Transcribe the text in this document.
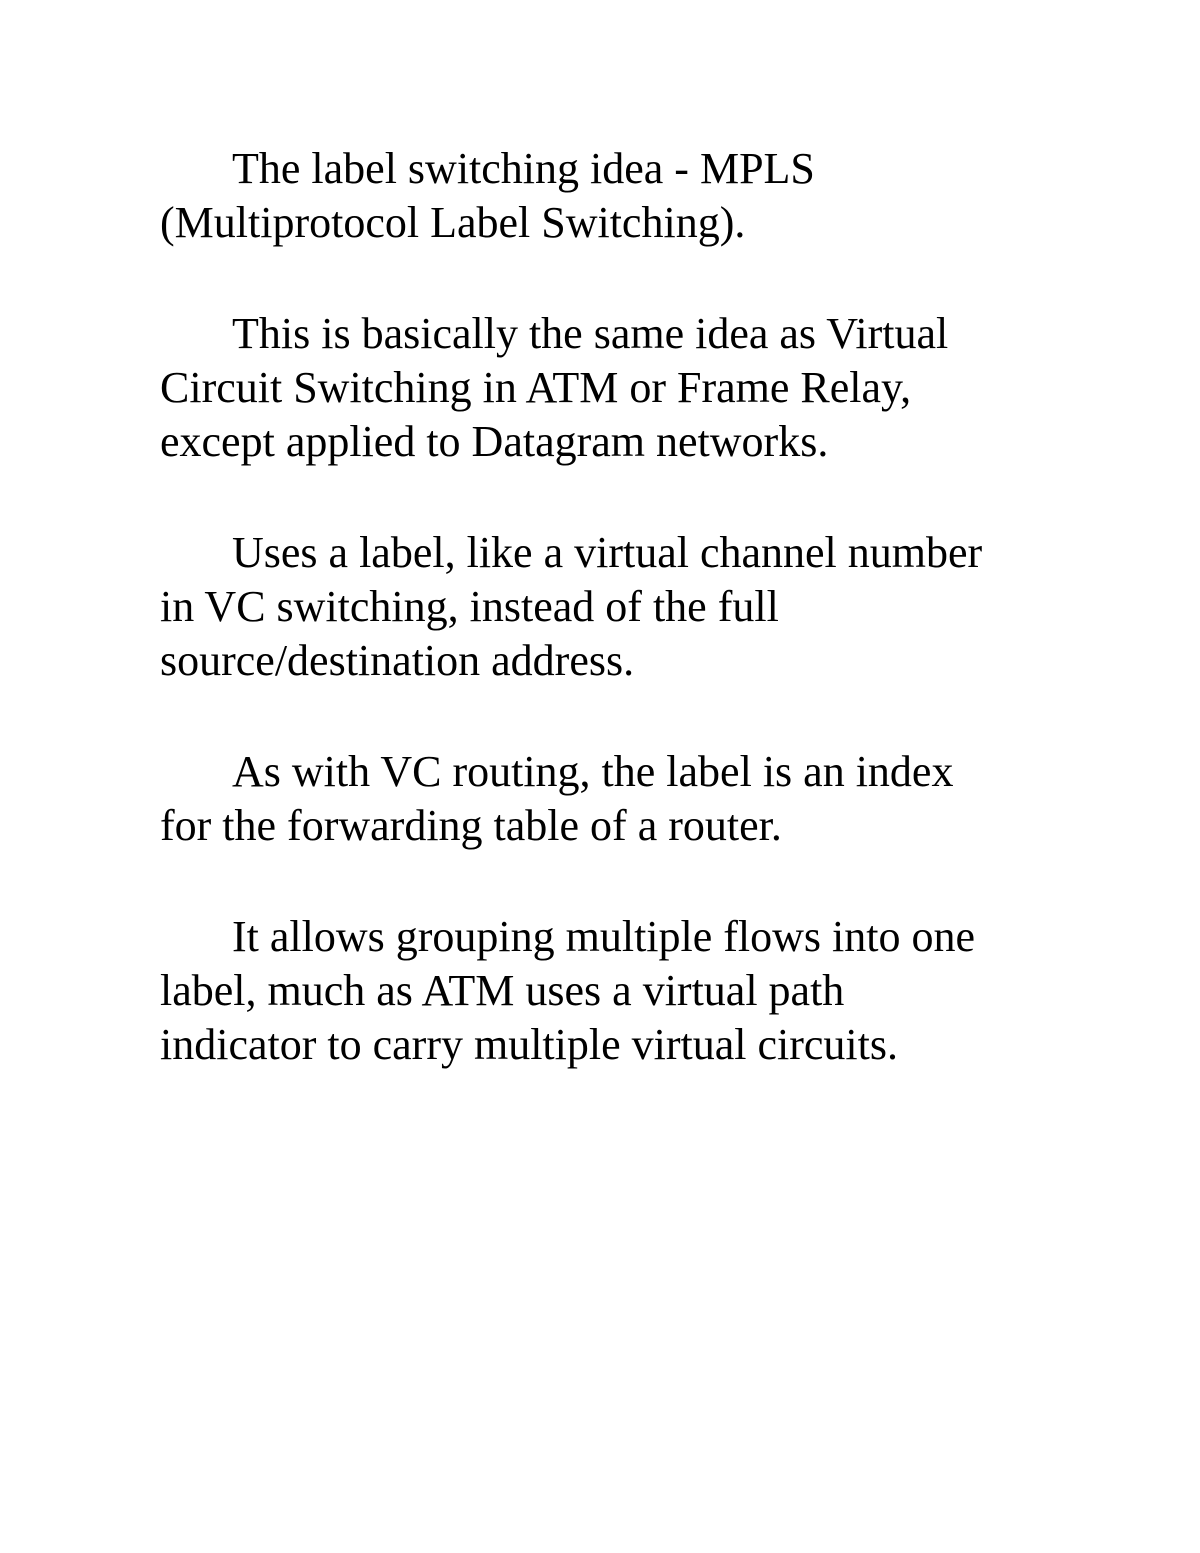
The label switching idea - MPLS
(Multiprotocol Label Switching).

This is basically the same idea as Virtual
Circuit Switching in ATM or Frame Relay,
except applied to Datagram networks.

Uses a label, like a virtual channel number
in VC switching, instead of the full
source/destination address.

As with VC routing, the label is an index
for the forwarding table of a router.

It allows grouping multiple flows into one
label, much as ATM uses a virtual path
indicator to carry multiple virtual circuits.
